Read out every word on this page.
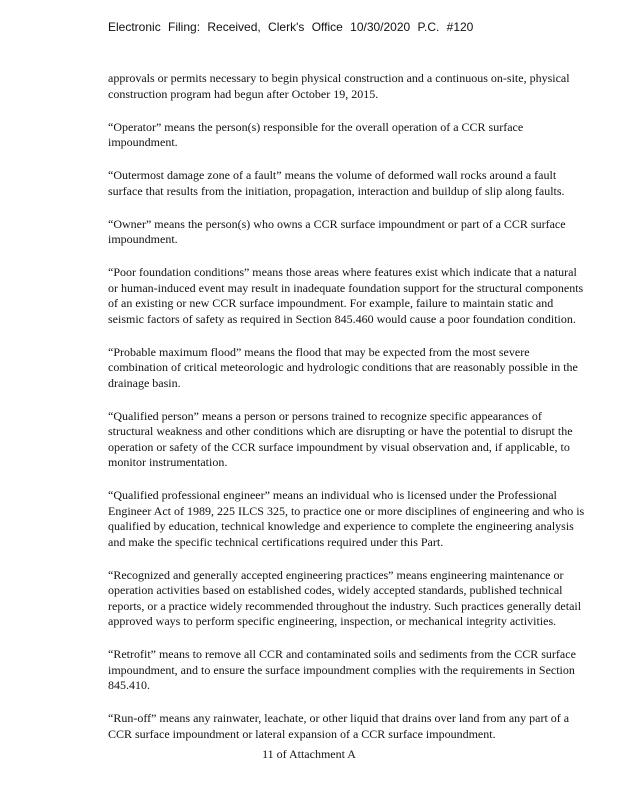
Electronic Filing: Received, Clerk's Office 10/30/2020 P.C. #120

approvals or permits necessary to begin physical construction and a continuous on-site, physical construction program had begun after October 19, 2015.

“Operator” means the person(s) responsible for the overall operation of a CCR surface impoundment.

“Outermost damage zone of a fault” means the volume of deformed wall rocks around a fault surface that results from the initiation, propagation, interaction and buildup of slip along faults.

“Owner” means the person(s) who owns a CCR surface impoundment or part of a CCR surface impoundment.

“Poor foundation conditions” means those areas where features exist which indicate that a natural or human-induced event may result in inadequate foundation support for the structural components of an existing or new CCR surface impoundment. For example, failure to maintain static and seismic factors of safety as required in Section 845.460 would cause a poor foundation condition.

“Probable maximum flood” means the flood that may be expected from the most severe combination of critical meteorologic and hydrologic conditions that are reasonably possible in the drainage basin.

“Qualified person” means a person or persons trained to recognize specific appearances of structural weakness and other conditions which are disrupting or have the potential to disrupt the operation or safety of the CCR surface impoundment by visual observation and, if applicable, to monitor instrumentation.

“Qualified professional engineer” means an individual who is licensed under the Professional Engineer Act of 1989, 225 ILCS 325, to practice one or more disciplines of engineering and who is qualified by education, technical knowledge and experience to complete the engineering analysis and make the specific technical certifications required under this Part.

“Recognized and generally accepted engineering practices” means engineering maintenance or operation activities based on established codes, widely accepted standards, published technical reports, or a practice widely recommended throughout the industry. Such practices generally detail approved ways to perform specific engineering, inspection, or mechanical integrity activities.

“Retrofit” means to remove all CCR and contaminated soils and sediments from the CCR surface impoundment, and to ensure the surface impoundment complies with the requirements in Section 845.410.

“Run-off” means any rainwater, leachate, or other liquid that drains over land from any part of a CCR surface impoundment or lateral expansion of a CCR surface impoundment.

11 of Attachment A
